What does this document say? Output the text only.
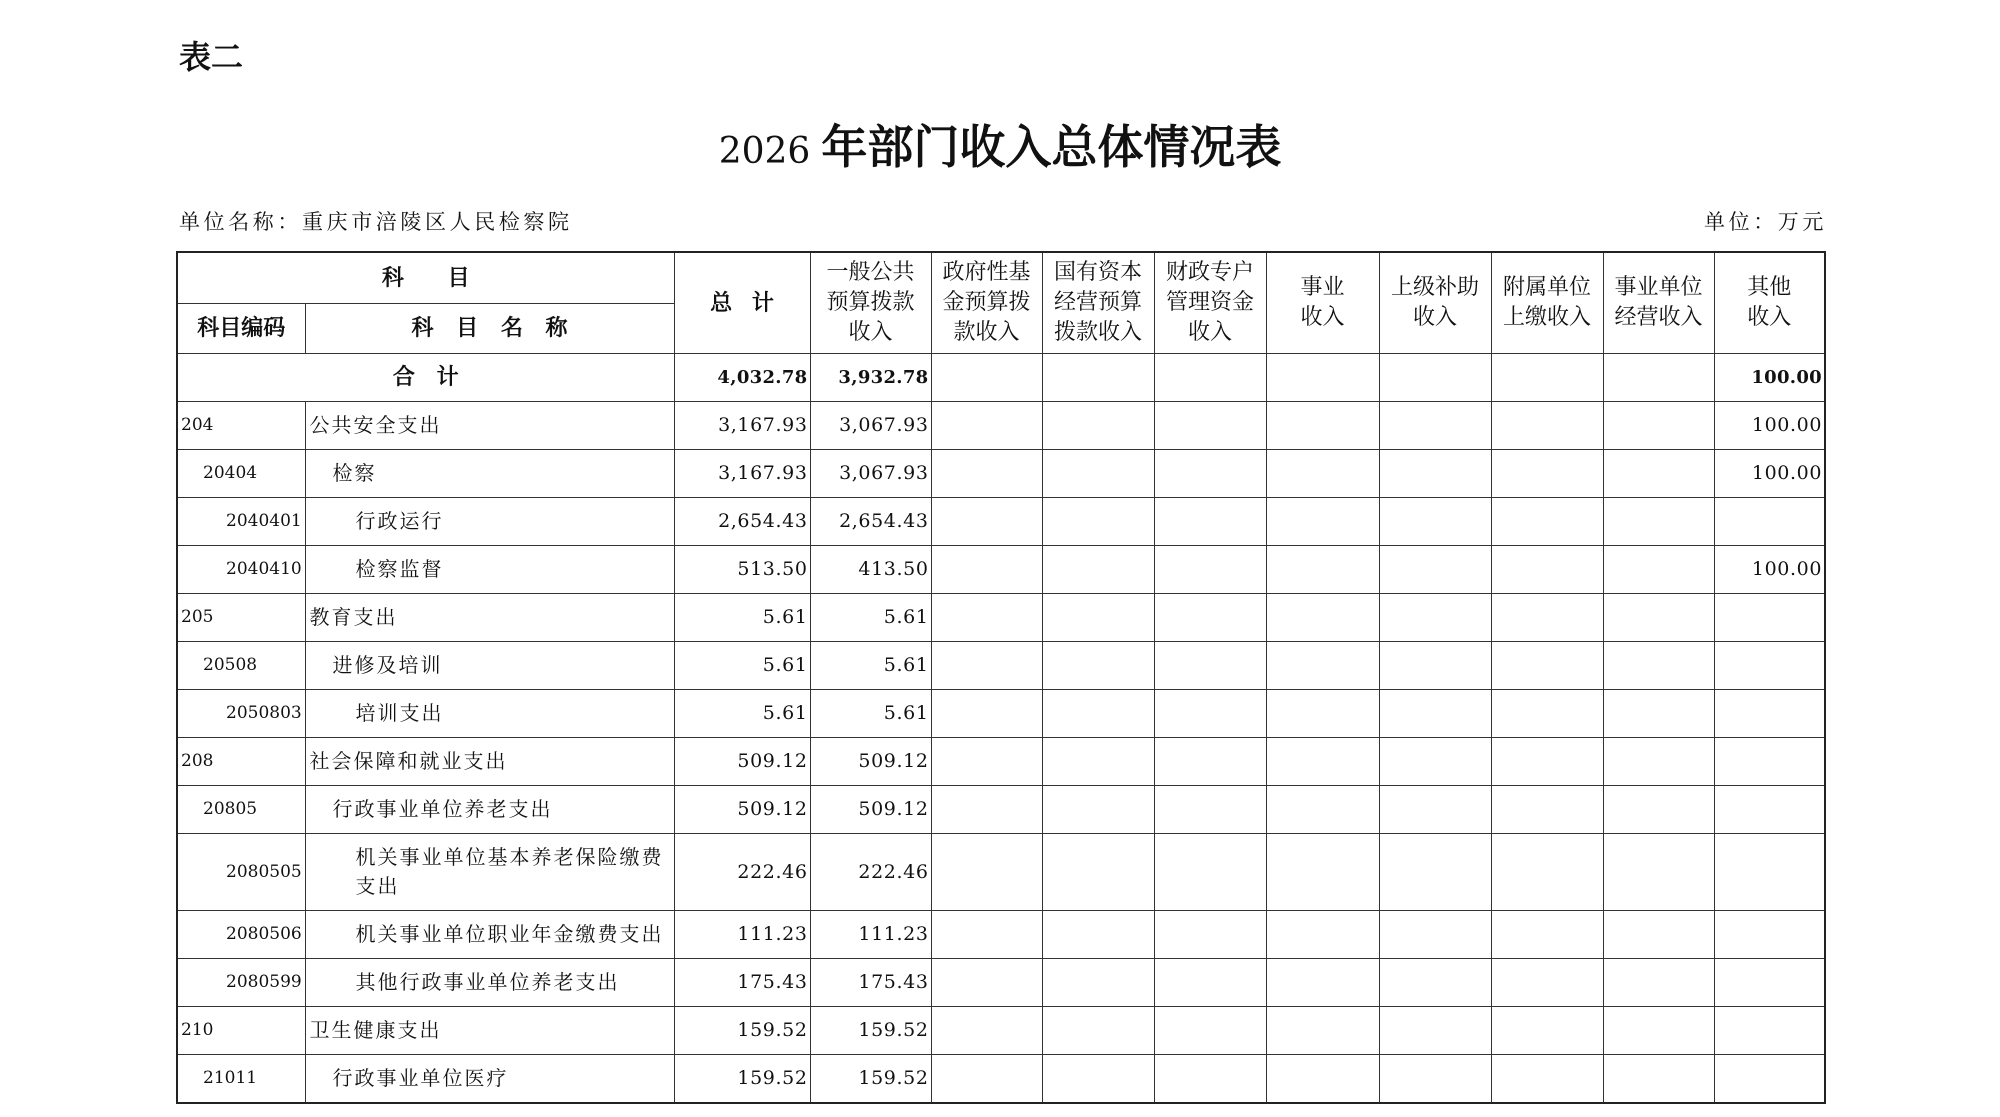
表二
2026 年部门收入总体情况表
单位名称：重庆市涪陵区人民检察院	单位：万元
科 目		总 计	一般公共
预算拨款
收入	政府性基
金预算拨
款收入	国有资本
经营预算
拨款收入	财政专户
管理资金
收入	事业
收入	上级补助
收入	附属单位
上缴收入	事业单位
经营收入	其他
收入

科目编码	科 目 名 称										
合 计		4,032.78	3,932.78								100.00
204	公共安全支出	3,167.93	3,067.93								100.00
20404	检察	3,167.93	3,067.93								100.00
2040401	行政运行	2,654.43	2,654.43								
2040410	检察监督	513.50	413.50								100.00
205	教育支出	5.61	5.61								
20508	进修及培训	5.61	5.61								
2050803	培训支出	5.61	5.61								
208	社会保障和就业支出	509.12	509.12								
20805	行政事业单位养老支出	509.12	509.12								
2080505	机关事业单位基本养老保险缴费支出	222.46	222.46								
2080506	机关事业单位职业年金缴费支出	111.23	111.23								
2080599	其他行政事业单位养老支出	175.43	175.43								
210	卫生健康支出	159.52	159.52								
21011	行政事业单位医疗	159.52	159.52								
